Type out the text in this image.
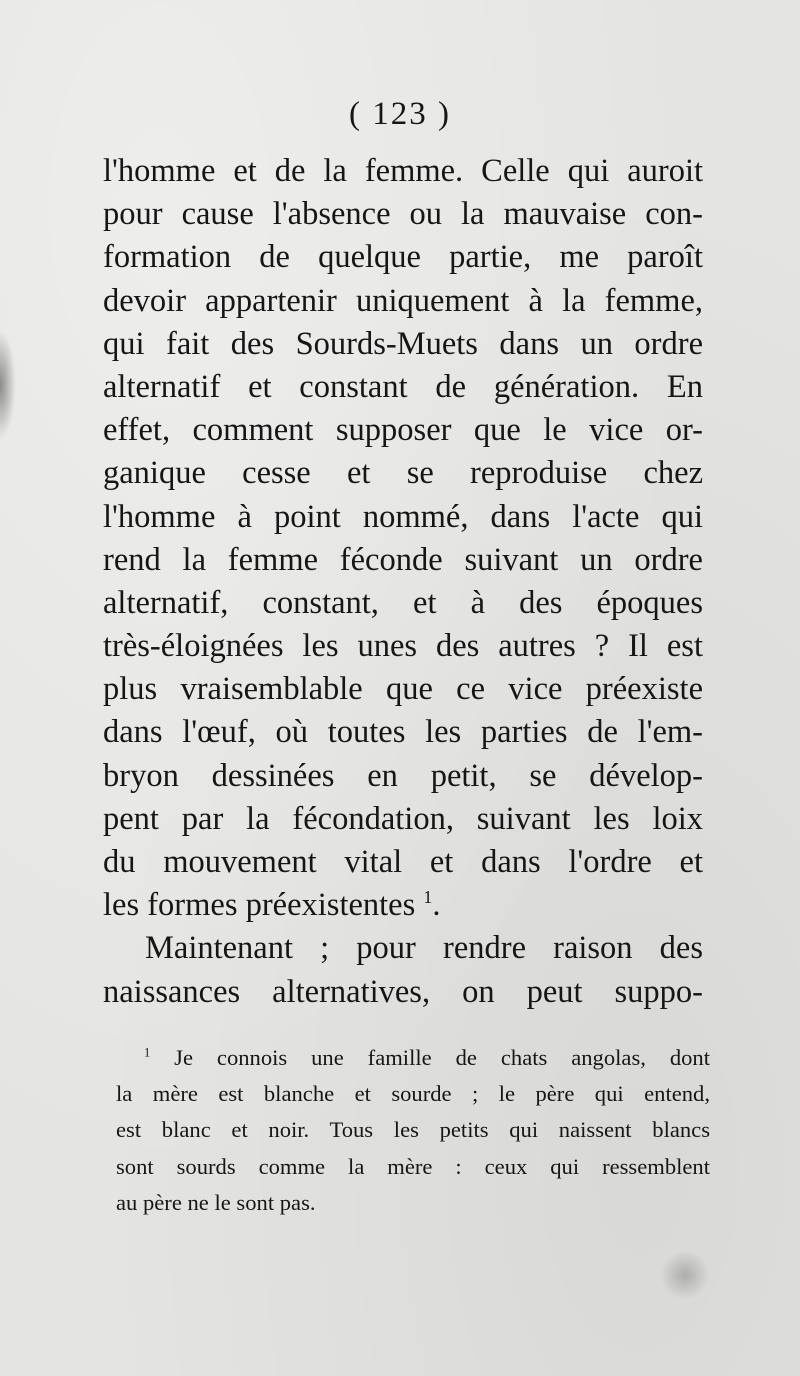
( 123 )
l'homme et de la femme. Celle qui auroit
pour cause l'absence ou la mauvaise con-
formation de quelque partie, me paroît
devoir appartenir uniquement à la femme,
qui fait des Sourds-Muets dans un ordre
alternatif et constant de génération. En
effet, comment supposer que le vice or-
ganique cesse et se reproduise chez
l'homme à point nommé, dans l'acte qui
rend la femme féconde suivant un ordre
alternatif, constant, et à des époques
très-éloignées les unes des autres ? Il est
plus vraisemblable que ce vice préexiste
dans l'œuf, où toutes les parties de l'em-
bryon dessinées en petit, se dévelop-
pent par la fécondation, suivant les loix
du mouvement vital et dans l'ordre et
les formes préexistentes $^1$.
Maintenant ; pour rendre raison des
naissances alternatives, on peut suppo-
$^1$ Je connois une famille de chats angolas, dont
la mère est blanche et sourde ; le père qui entend,
est blanc et noir. Tous les petits qui naissent blancs
sont sourds comme la mère : ceux qui ressemblent
au père ne le sont pas.
